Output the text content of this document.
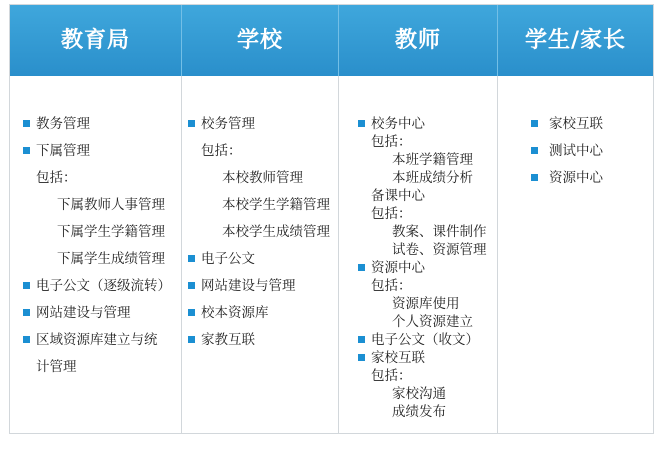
教育局
教务管理
下属管理
包括：
下属教师人事管理
下属学生学籍管理
下属学生成绩管理
电子公文（逐级流转）
网站建设与管理
区域资源库建立与统
计管理
学校
校务管理
包括：
本校教师管理
本校学生学籍管理
本校学生成绩管理
电子公文
网站建设与管理
校本资源库
家教互联
教师
校务中心
包括：
本班学籍管理
本班成绩分析
备课中心
包括：
教案、课件制作
试卷、资源管理
资源中心
包括：
资源库使用
个人资源建立
电子公文（收文）
家校互联
包括：
家校沟通
成绩发布
学生/家长
家校互联
测试中心
资源中心
